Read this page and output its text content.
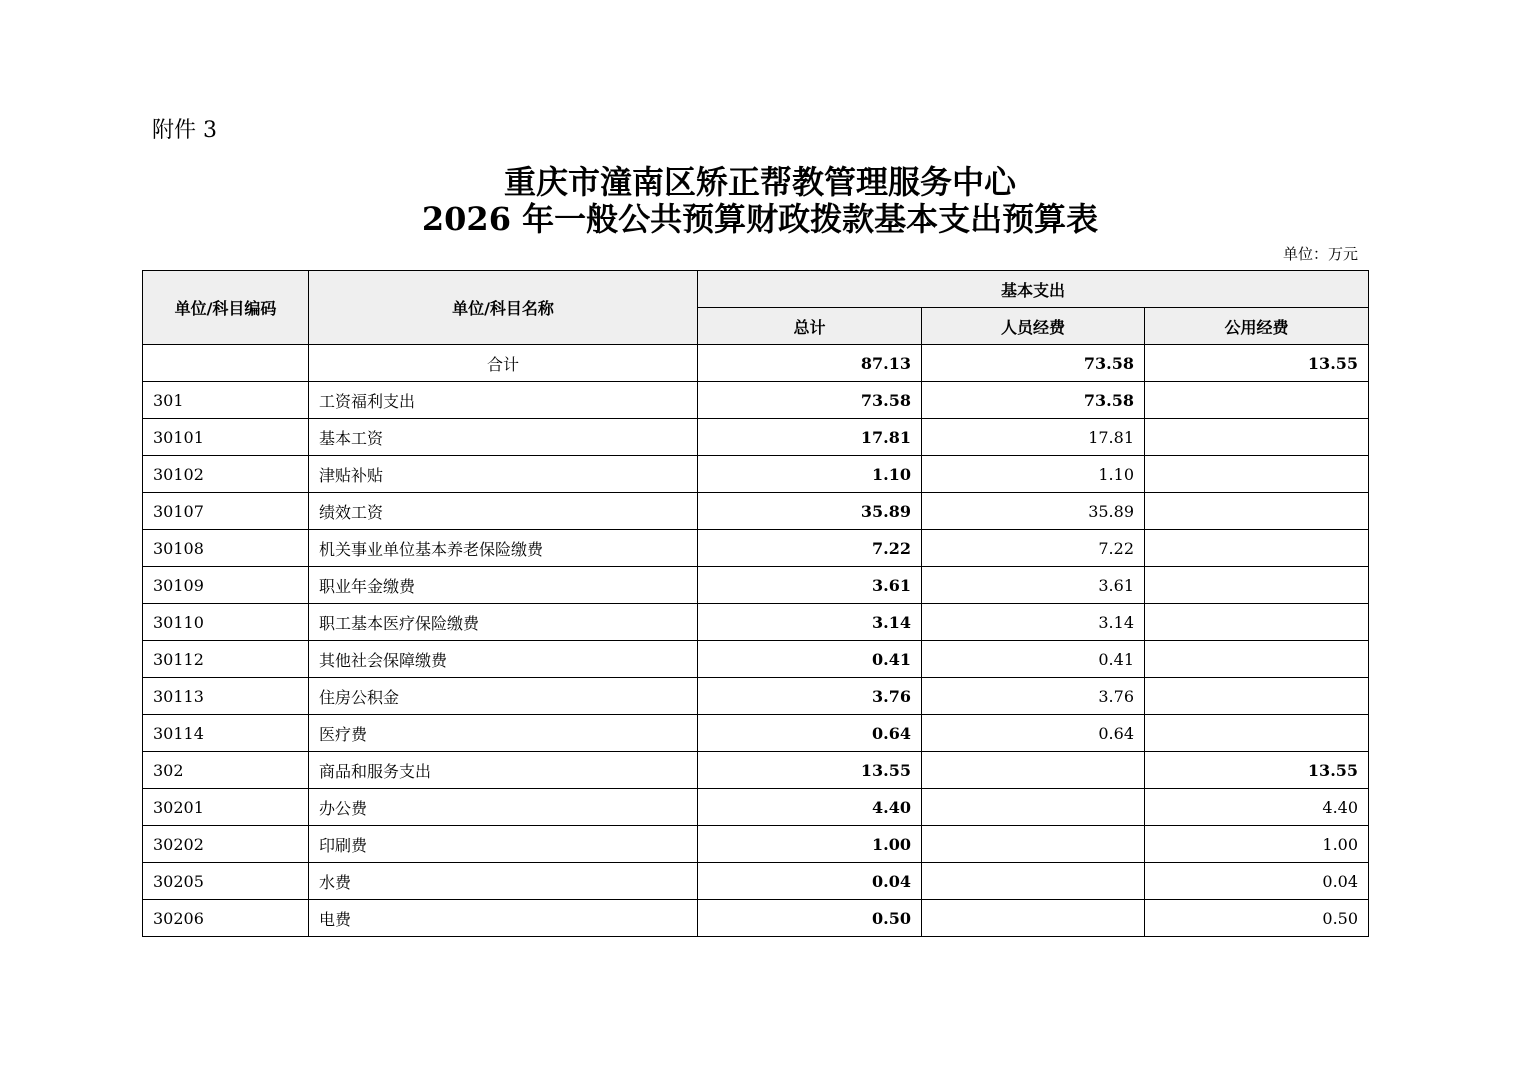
附件 3
重庆市潼南区矫正帮教管理服务中心
2026 年一般公共预算财政拨款基本支出预算表
单位：万元
单位/科目编码	单位/科目名称	基本支出		
		总计	人员经费	公用经费
	合计	87.13	73.58	13.55
301	工资福利支出	73.58	73.58	
30101	基本工资	17.81	17.81	
30102	津贴补贴	1.10	1.10	
30107	绩效工资	35.89	35.89	
30108	机关事业单位基本养老保险缴费	7.22	7.22	
30109	职业年金缴费	3.61	3.61	
30110	职工基本医疗保险缴费	3.14	3.14	
30112	其他社会保障缴费	0.41	0.41	
30113	住房公积金	3.76	3.76	
30114	医疗费	0.64	0.64	
302	商品和服务支出	13.55		13.55
30201	办公费	4.40		4.40
30202	印刷费	1.00		1.00
30205	水费	0.04		0.04
30206	电费	0.50		0.50
